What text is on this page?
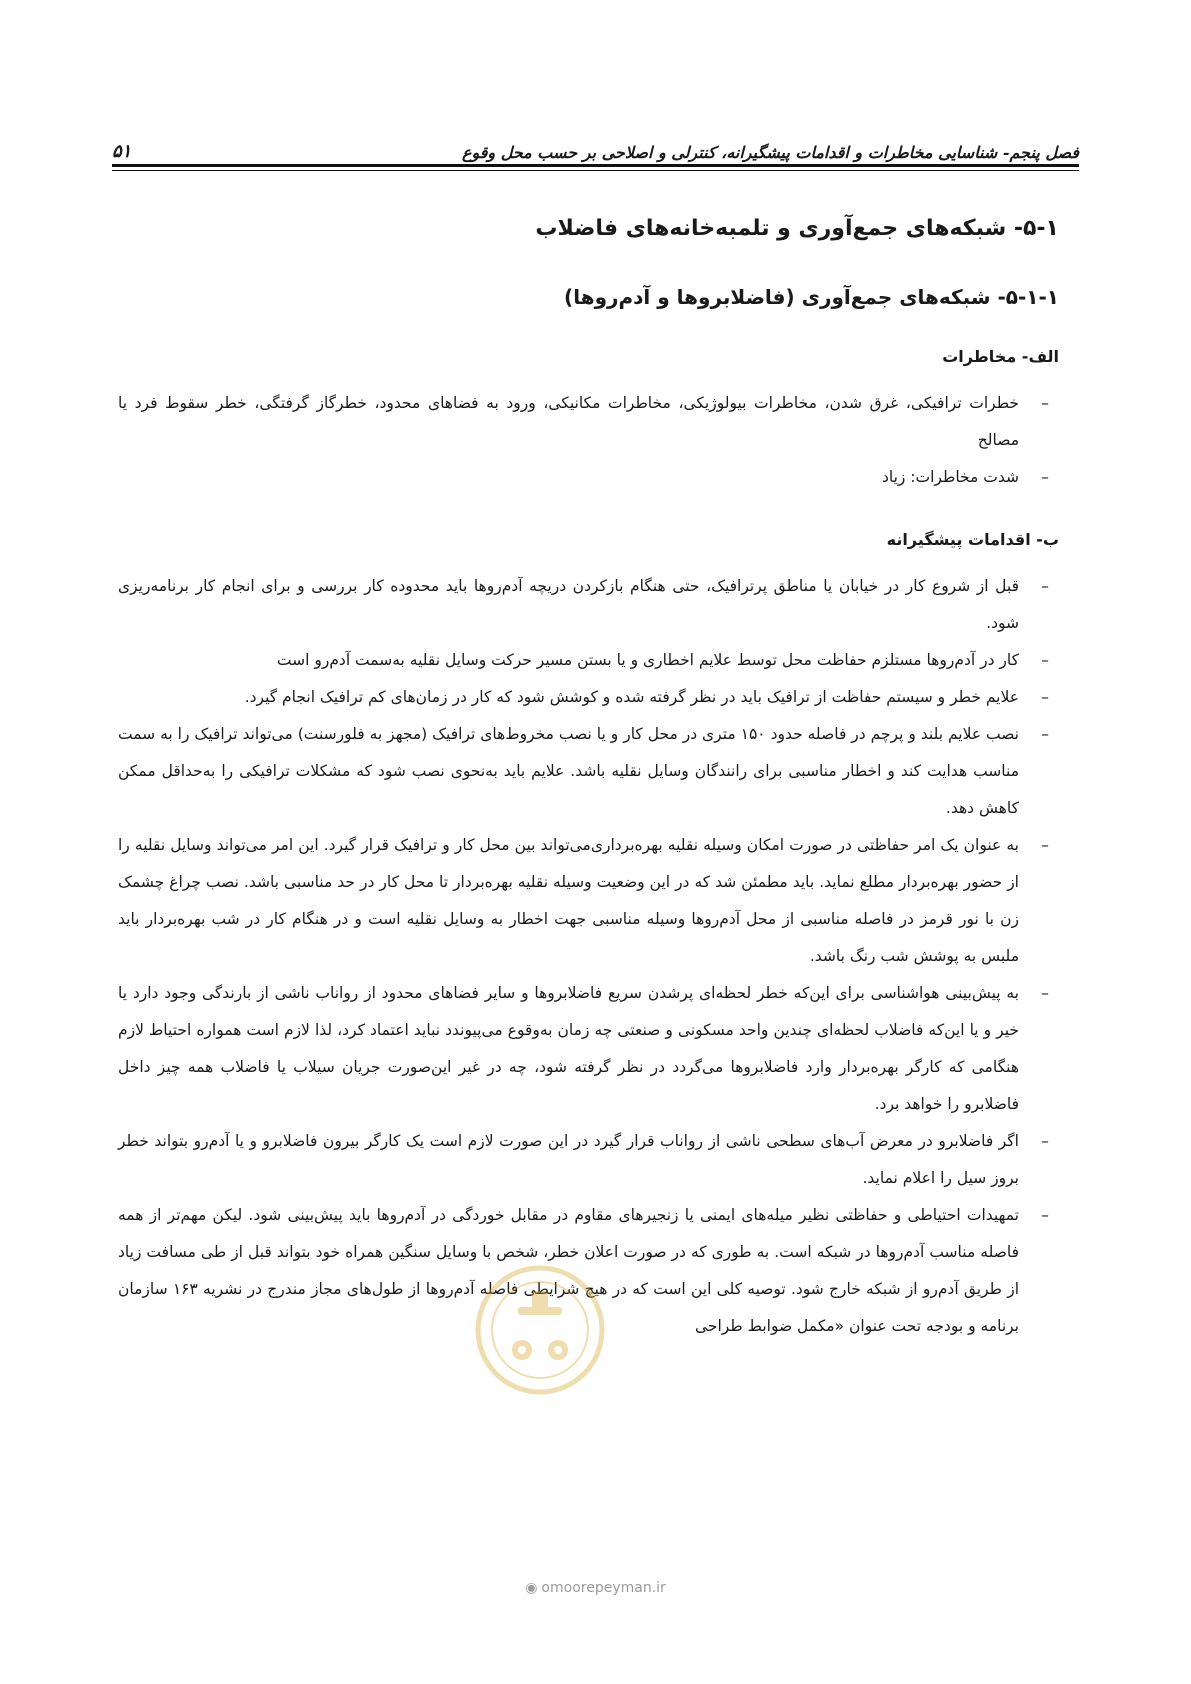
فصل پنجم- شناسایی مخاطرات و اقدامات پیشگیرانه، کنترلی و اصلاحی بر حسب محل وقوع
۵۱
۵-۱- شبکه‌های جمع‌آوری و تلمبه‌خانه‌های فاضلاب
۵-۱-۱- شبکه‌های جمع‌آوری (فاضلابروها و آدم‌روها)
الف- مخاطرات
–
خطرات ترافیکی، غرق شدن، مخاطرات بیولوژیکی، مخاطرات مکانیکی، ورود به فضاهای محدود، خطرگاز گرفتگی، خطر سقوط فرد یا مصالح
–
شدت مخاطرات: زیاد
ب- اقدامات پیشگیرانه
–
قبل از شروع کار در خیابان یا مناطق پرترافیک، حتی هنگام بازکردن دریچه آدم‌روها باید محدوده کار بررسی و برای انجام کار برنامه‌ریزی شود.
–
کار در آدم‌روها مستلزم حفاظت محل توسط علایم اخطاری و یا بستن مسیر حرکت وسایل نقلیه به‌سمت آدم‌رو است
–
علایم خطر و سیستم حفاظت از ترافیک باید در نظر گرفته شده و کوشش شود که کار در زمان‌های کم ترافیک انجام گیرد.
–
نصب علایم بلند و پرچم در فاصله حدود ۱۵۰ متری در محل کار و یا نصب مخروط‌های ترافیک (مجهز به فلورسنت) می‌تواند ترافیک را به سمت مناسب هدایت کند و اخطار مناسبی برای رانندگان وسایل نقلیه باشد. علایم باید به‌نحوی نصب شود که مشکلات ترافیکی را به‌حداقل ممکن کاهش دهد.
–
به عنوان یک امر حفاظتی در صورت امکان وسیله نقلیه بهره‌برداری‌می‌تواند بین محل کار و ترافیک قرار گیرد. این امر می‌تواند وسایل نقلیه را از حضور بهره‌بردار مطلع نماید. باید مطمئن شد که در این وضعیت وسیله نقلیه بهره‌بردار تا محل کار در حد مناسبی باشد. نصب چراغ چشمک زن با نور قرمز در فاصله مناسبی از محل آدم‌روها وسیله مناسبی جهت اخطار به وسایل نقلیه است و در هنگام کار در شب بهره‌بردار باید ملبس به پوشش شب رنگ باشد.
–
به پیش‌بینی هواشناسی برای این‌که خطر لحظه‌ای پرشدن سریع فاضلابروها و سایر فضاهای محدود از رواناب ناشی از بارندگی وجود دارد یا خیر و یا این‌که فاضلاب لحظه‌ای چندین واحد مسکونی و صنعتی چه زمان به‌وقوع می‌پیوندد نباید اعتماد کرد، لذا لازم است همواره احتیاط لازم هنگامی که کارگر بهره‌بردار وارد فاضلابروها می‌گردد در نظر گرفته شود، چه در غیر این‌صورت جریان سیلاب یا فاضلاب همه چیز داخل فاضلابرو را خواهد برد.
–
اگر فاضلابرو در معرض آب‌های سطحی ناشی از رواناب قرار گیرد در این صورت لازم است یک کارگر بیرون فاضلابرو و یا آدم‌رو بتواند خطر بروز سیل را اعلام نماید.
–
تمهیدات احتیاطی و حفاظتی نظیر میله‌های ایمنی یا زنجیرهای مقاوم در مقابل خوردگی در آدم‌روها باید پیش‌بینی شود. لیکن مهم‌تر از همه فاصله مناسب آدم‌روها در شبکه است. به طوری که در صورت اعلان خطر، شخص با وسایل سنگین همراه خود بتواند قبل از طی مسافت زیاد از طریق آدم‌رو از شبکه خارج شود. توصیه کلی این است که در هیچ شرایطی فاصله آدم‌روها از طول‌های مجاز مندرج در نشریه ۱۶۳ سازمان برنامه و بودجه تحت عنوان «مکمل ضوابط طراحی
◉ omoorepeyman.ir
